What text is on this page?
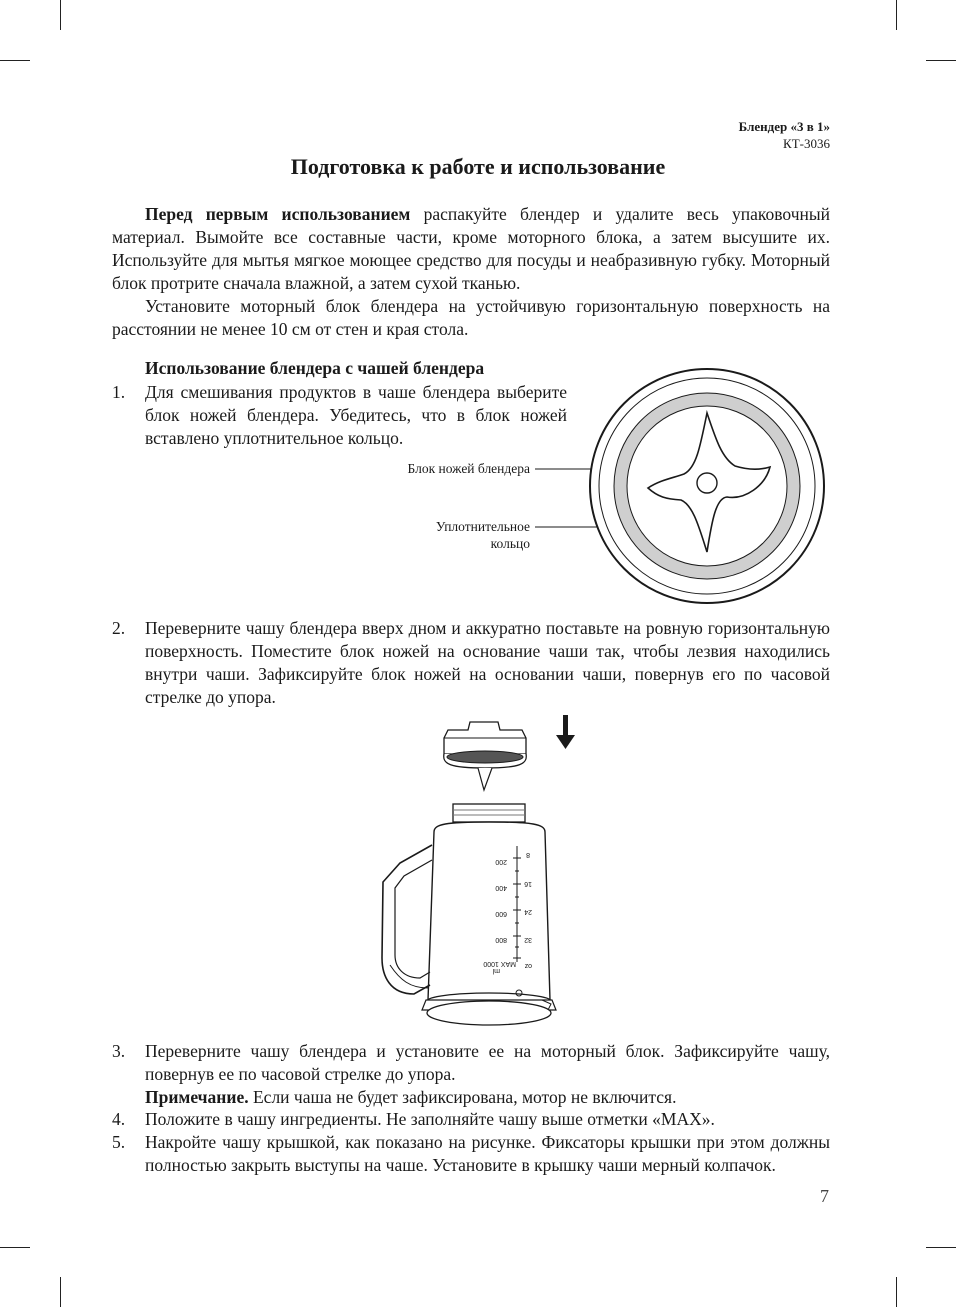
Блендер «3 в 1»
КТ-3036
Подготовка к работе и использование

Перед первым использованием распакуйте блендер и удалите весь упаковочный материал. Вымойте все составные части, кроме моторного блока, а затем высушите их. Используйте для мытья мягкое моющее средство для посуды и неабразивную губку. Моторный блок протрите сначала влажной, а затем сухой тканью.

Установите моторный блок блендера на устойчивую горизонтальную поверхность на расстоянии не менее 10 см от стен и края стола.

Использование блендера с чашей блендера
1. Для смешивания продуктов в чаше блендера выберите блок ножей блендера. Убедитесь, что в блок ножей вставлено уплотнительное кольцо.
Блок ножей блендера
Уплотнительное
кольцо
2. Переверните чашу блендера вверх дном и аккуратно поставьте на ровную горизонтальную поверхность. Поместите блок ножей на основание чаши так, чтобы лезвия находились внутри чаши. Зафиксируйте блок ножей на основании чаши, повернув его по часовой стрелке до упора.
200
400
600
800
MAX 1000
ml
8
16
24
32
oz
3. Переверните чашу блендера и установите ее на моторный блок. Зафиксируйте чашу, повернув ее по часовой стрелке до упора.
Примечание. Если чаша не будет зафиксирована, мотор не включится.
4. Положите в чашу ингредиенты. Не заполняйте чашу выше отметки «MAX».
5. Накройте чашу крышкой, как показано на рисунке. Фиксаторы крышки при этом должны полностью закрыть выступы на чаше. Установите в крышку чаши мерный колпачок.
7
